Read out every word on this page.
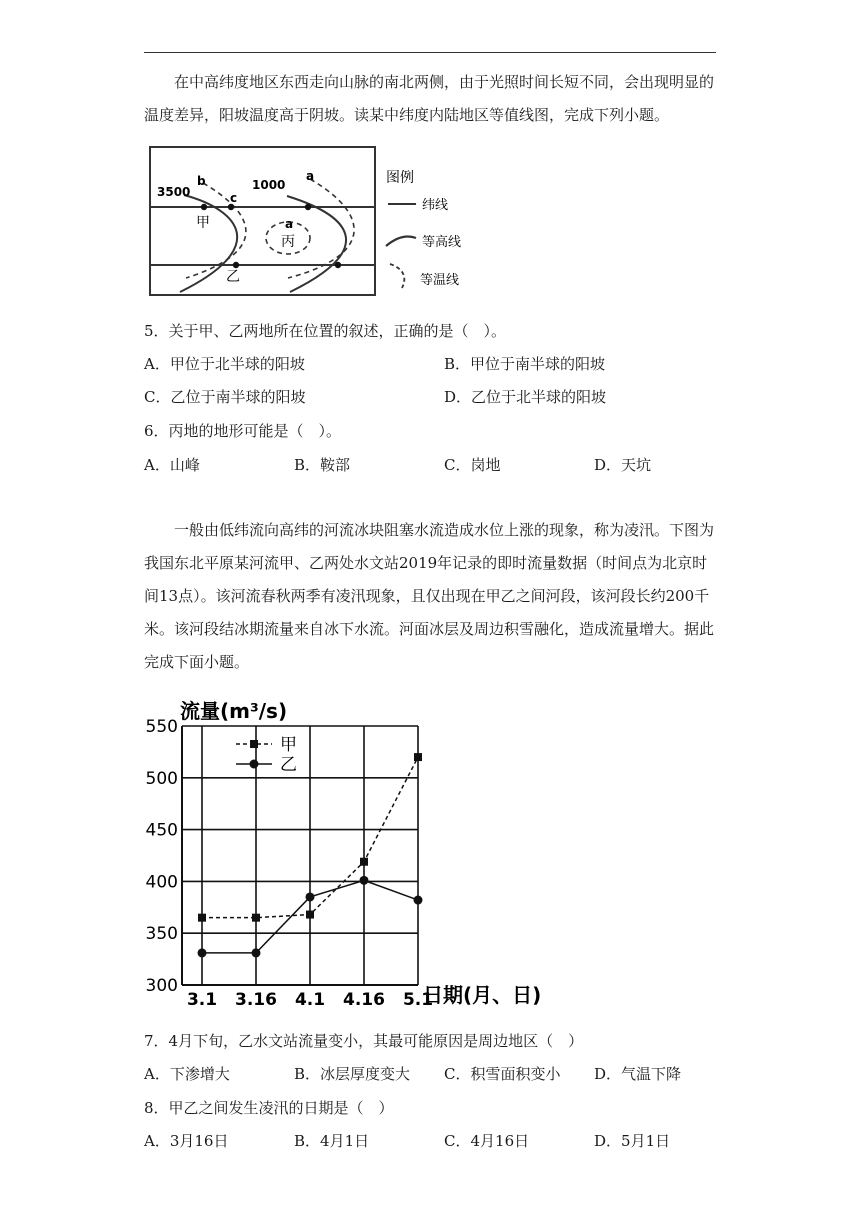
在中高纬度地区东西走向山脉的南北两侧，由于光照时间长短不同，会出现明显的温度差异，阳坡温度高于阴坡。读某中纬度内陆地区等值线图，完成下列小题。

3500
b
c
1000
a
a
甲
乙
丙
图例
纬线
等高线
等温线
5．关于甲、乙两地所在位置的叙述，正确的是（　）。
A．甲位于北半球的阳坡	B．甲位于南半球的阳坡
C．乙位于南半球的阳坡	D．乙位于北半球的阳坡
6．丙地的地形可能是（　）。
A．山峰	B．鞍部	C．岗地	D．天坑

一般由低纬流向高纬的河流冰块阻塞水流造成水位上涨的现象，称为凌汛。下图为我国东北平原某河流甲、乙两处水文站2019年记录的即时流量数据（时间点为北京时间13点）。该河流春秋两季有凌汛现象，且仅出现在甲乙之间河段，该河段长约200千米。该河段结冰期流量来自冰下水流。河面冰层及周边积雪融化，造成流量增大。据此完成下面小题。

流量(m³/s)
日期(月、日)
3.1 3.16 4.1 4.16 5.1
550
500
450
400
350
300
甲
乙
7．4月下旬，乙水文站流量变小，其最可能原因是周边地区（　）
A．下渗增大	B．冰层厚度变大 C．积雪面积变小 D．气温下降
8．甲乙之间发生凌汛的日期是（　）
A．3月16日	B．4月1日	C．4月16日	D．5月1日
